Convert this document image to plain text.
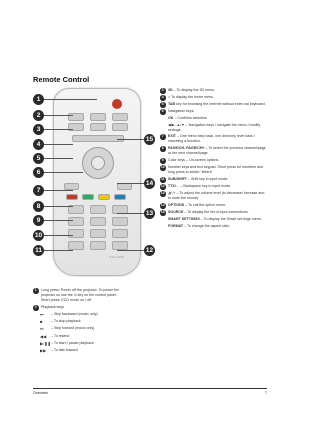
Remote Control
PHILIPS
1
2
3
4
5
6
7
8
9
10
11
15
14
13
12
1	Long press: Power off the projector. To power the
projector on use the ⏻ key on the control panel.
Short press: ECO mode on / off
2	Playback keys
⏮ – Skip backward (music only)
■ – To stop playback
⏭ – Skip forward (music only)
◀◀ – To rewind
▶/❚❚ – To start / pause playback
▶▶ – To fast-forward
3	3D – To display the 3D menu.
4	⌂ To display the home menu.
5	TAB key for browsing the Internet without exter-nal keyboard.
6	Navigation keys:
OK – Confirms selection
◀/▶, ▲/▼ – Navigation keys / navigate the menu / modify settings.
7	EXIT – One menu step back, one directory level back / canceling a function.
8	PAGE/CH- PAGE/CH+ – To select the previous channel/page or the next channel/page.
9	Color keys – On-screen options.
10 Number keys and text keypad. Short press for numbers and long press to switch “letters”
11 SUB/SHIFT – Shift key in input mode.
12 TTX/← – Backspace key in input mode.
13 🔊/+ – To adjust the volume level (to decrease/ increase and to mute the sound).
14 OPTIONS – To call the option menu.
15 SOURCE – To display the list of input connections.
SMART SETTINGS – To display the Smart set-tings menu.
FORMAT – To change the aspect ratio.
Overview	7
